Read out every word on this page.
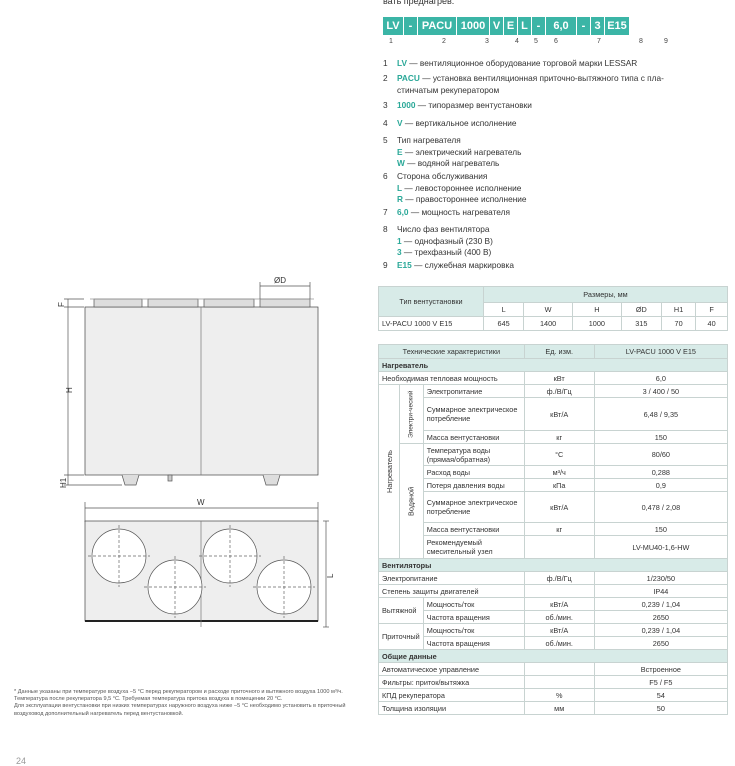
вать преднагрев.
LV - PACU 1000 V E L -	6,0	- 3 E15
1	2	3	4 5 6	7	8	9
1	LV — вентиляционное оборудование торговой марки LESSAR
2	PACU — установка вентиляционная приточно-вытяжного типа с пла-
стинчатым рекуператором
3	1000 — типоразмер вентустановки
4	V — вертикальное исполнение
5	Тип нагревателя
E — электрический нагреватель
W — водяной нагреватель
6	Сторона обслуживания
L — левостороннее исполнение
R — правостороннее исполнение
7	6,0 — мощность нагревателя
8	Число фаз вентилятора
1 — однофазный (230 В)
3 — трехфазный (400 В)
9	E15 — служебная маркировка
ØD
F
H
H1
W
L
Тип вентустановки	Размеры, мм					
	L	W	H	ØD	H1	F
LV-PACU 1000 V E15	645	1400	1000	315	70	40
Технические характеристики			Ед. изм.	LV-PACU 1000 V E15
Нагреватель				
Необходимая тепловая мощность			кВт	6,0
Нагреватель	Электри-ческий	Электропитание	ф./В/Гц	3 / 400 / 50
		Суммарное электрическое потребление	кВт/А	6,48 / 9,35
		Масса вентустановки	кг	150
	Водяной	Температура воды (прямая/обратная)	°С	80/60
		Расход воды	м³/ч	0,288
		Потеря давления воды	кПа	0,9
		Суммарное электрическое потребление	кВт/А	0,478 / 2,08
		Масса вентустановки	кг	150
		Рекомендуемый смесительный узел		LV-MU40-1,6-HW
Вентиляторы				
Электропитание			ф./В/Гц	1/230/50
Степень защиты двигателей				IP44
Вытяжной		Мощность/ток	кВт/А	0,239 / 1,04
		Частота вращения	об./мин.	2650
Приточный		Мощность/ток	кВт/А	0,239 / 1,04
		Частота вращения	об./мин.	2650
Общие данные				
Автоматическое управление				Встроенное
Фильтры: приток/вытяжка				F5 / F5
КПД рекуператора			%	54
Толщина изоляции			мм	50
* Данные указаны при температуре воздуха −5 °С перед рекуператором и расходе приточного и вытяжного воздуха 1000 м³/ч. Температура после рекуператора 9,5 °С. Требуемая температура притока воздуха в помещении 20 °С.
Для эксплуатации вентустановки при низких температурах наружного воздуха ниже −5 °С необходимо установить в приточный воздуховод дополнительный нагреватель перед вентустановкой.
24
